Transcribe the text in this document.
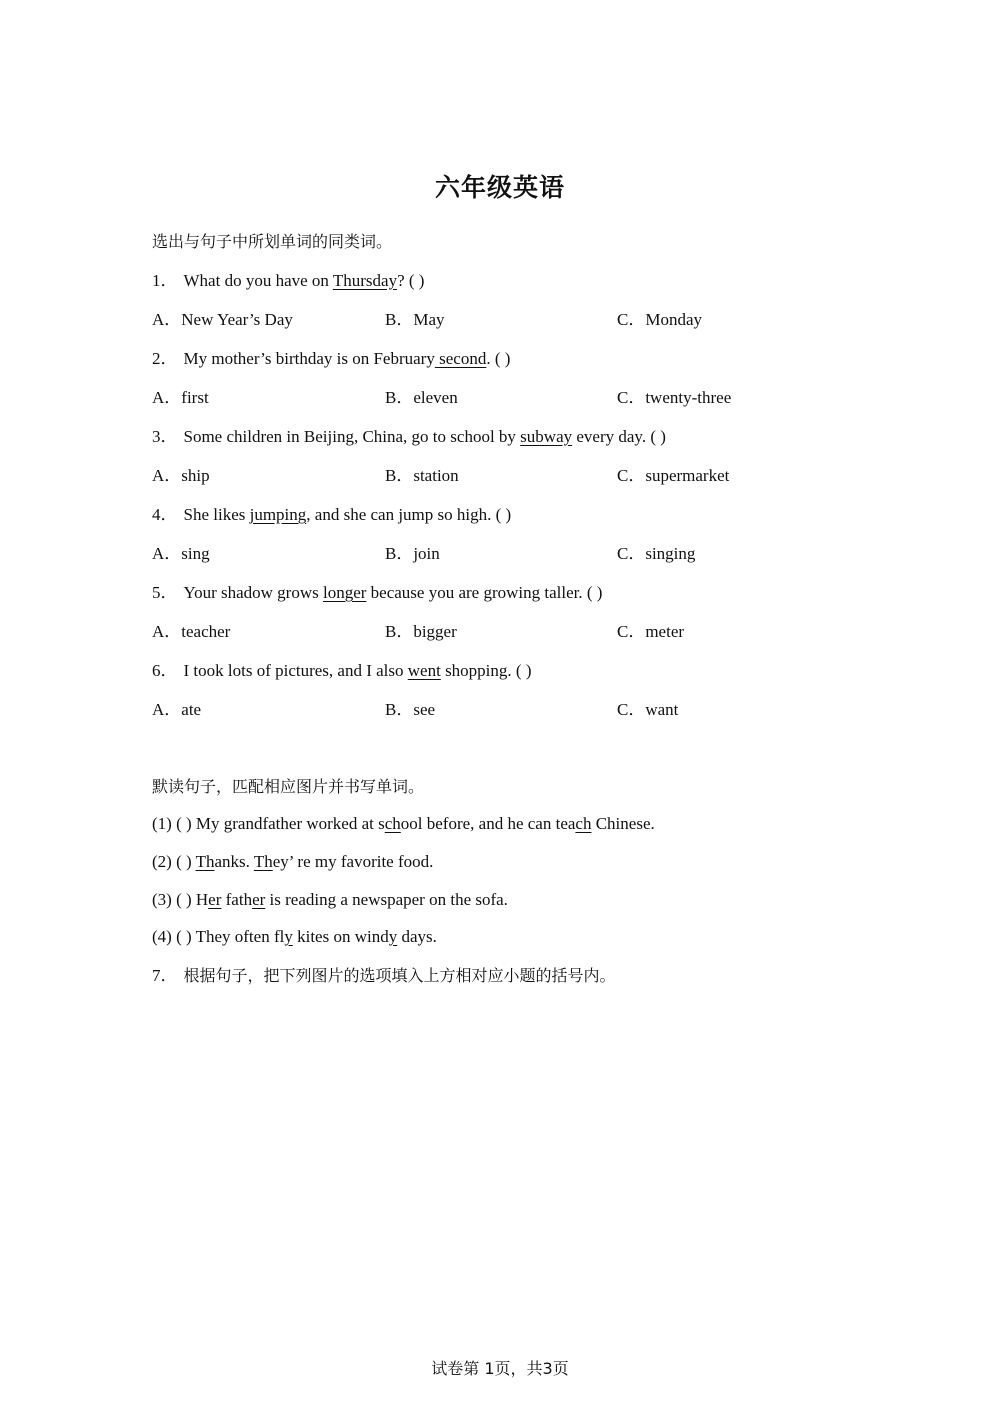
六年级英语
选出与句子中所划单词的同类词。
1． What do you have on Thursday? ( )
A．New Year’s Day	B．May	C．Monday
2． My mother’s birthday is on February second. ( )
A．first	B．eleven	C．twenty-three
3． Some children in Beijing, China, go to school by subway every day. ( )
A．ship	B．station	C．supermarket
4． She likes jumping, and she can jump so high. ( )
A．sing	B．join	C．singing
5． Your shadow grows longer because you are growing taller. ( )
A．teacher	B．bigger	C．meter
6． I took lots of pictures, and I also went shopping. ( )
A．ate	B．see	C．want
默读句子，匹配相应图片并书写单词。
(1) ( ) My grandfather worked at school before, and he can teach Chinese.
(2) ( ) Thanks. They’ re my favorite food.
(3) ( ) Her father is reading a newspaper on the sofa.
(4) ( ) They often fly kites on windy days.
7． 根据句子，把下列图片的选项填入上方相对应小题的括号内。
试卷第 1页，共3页
